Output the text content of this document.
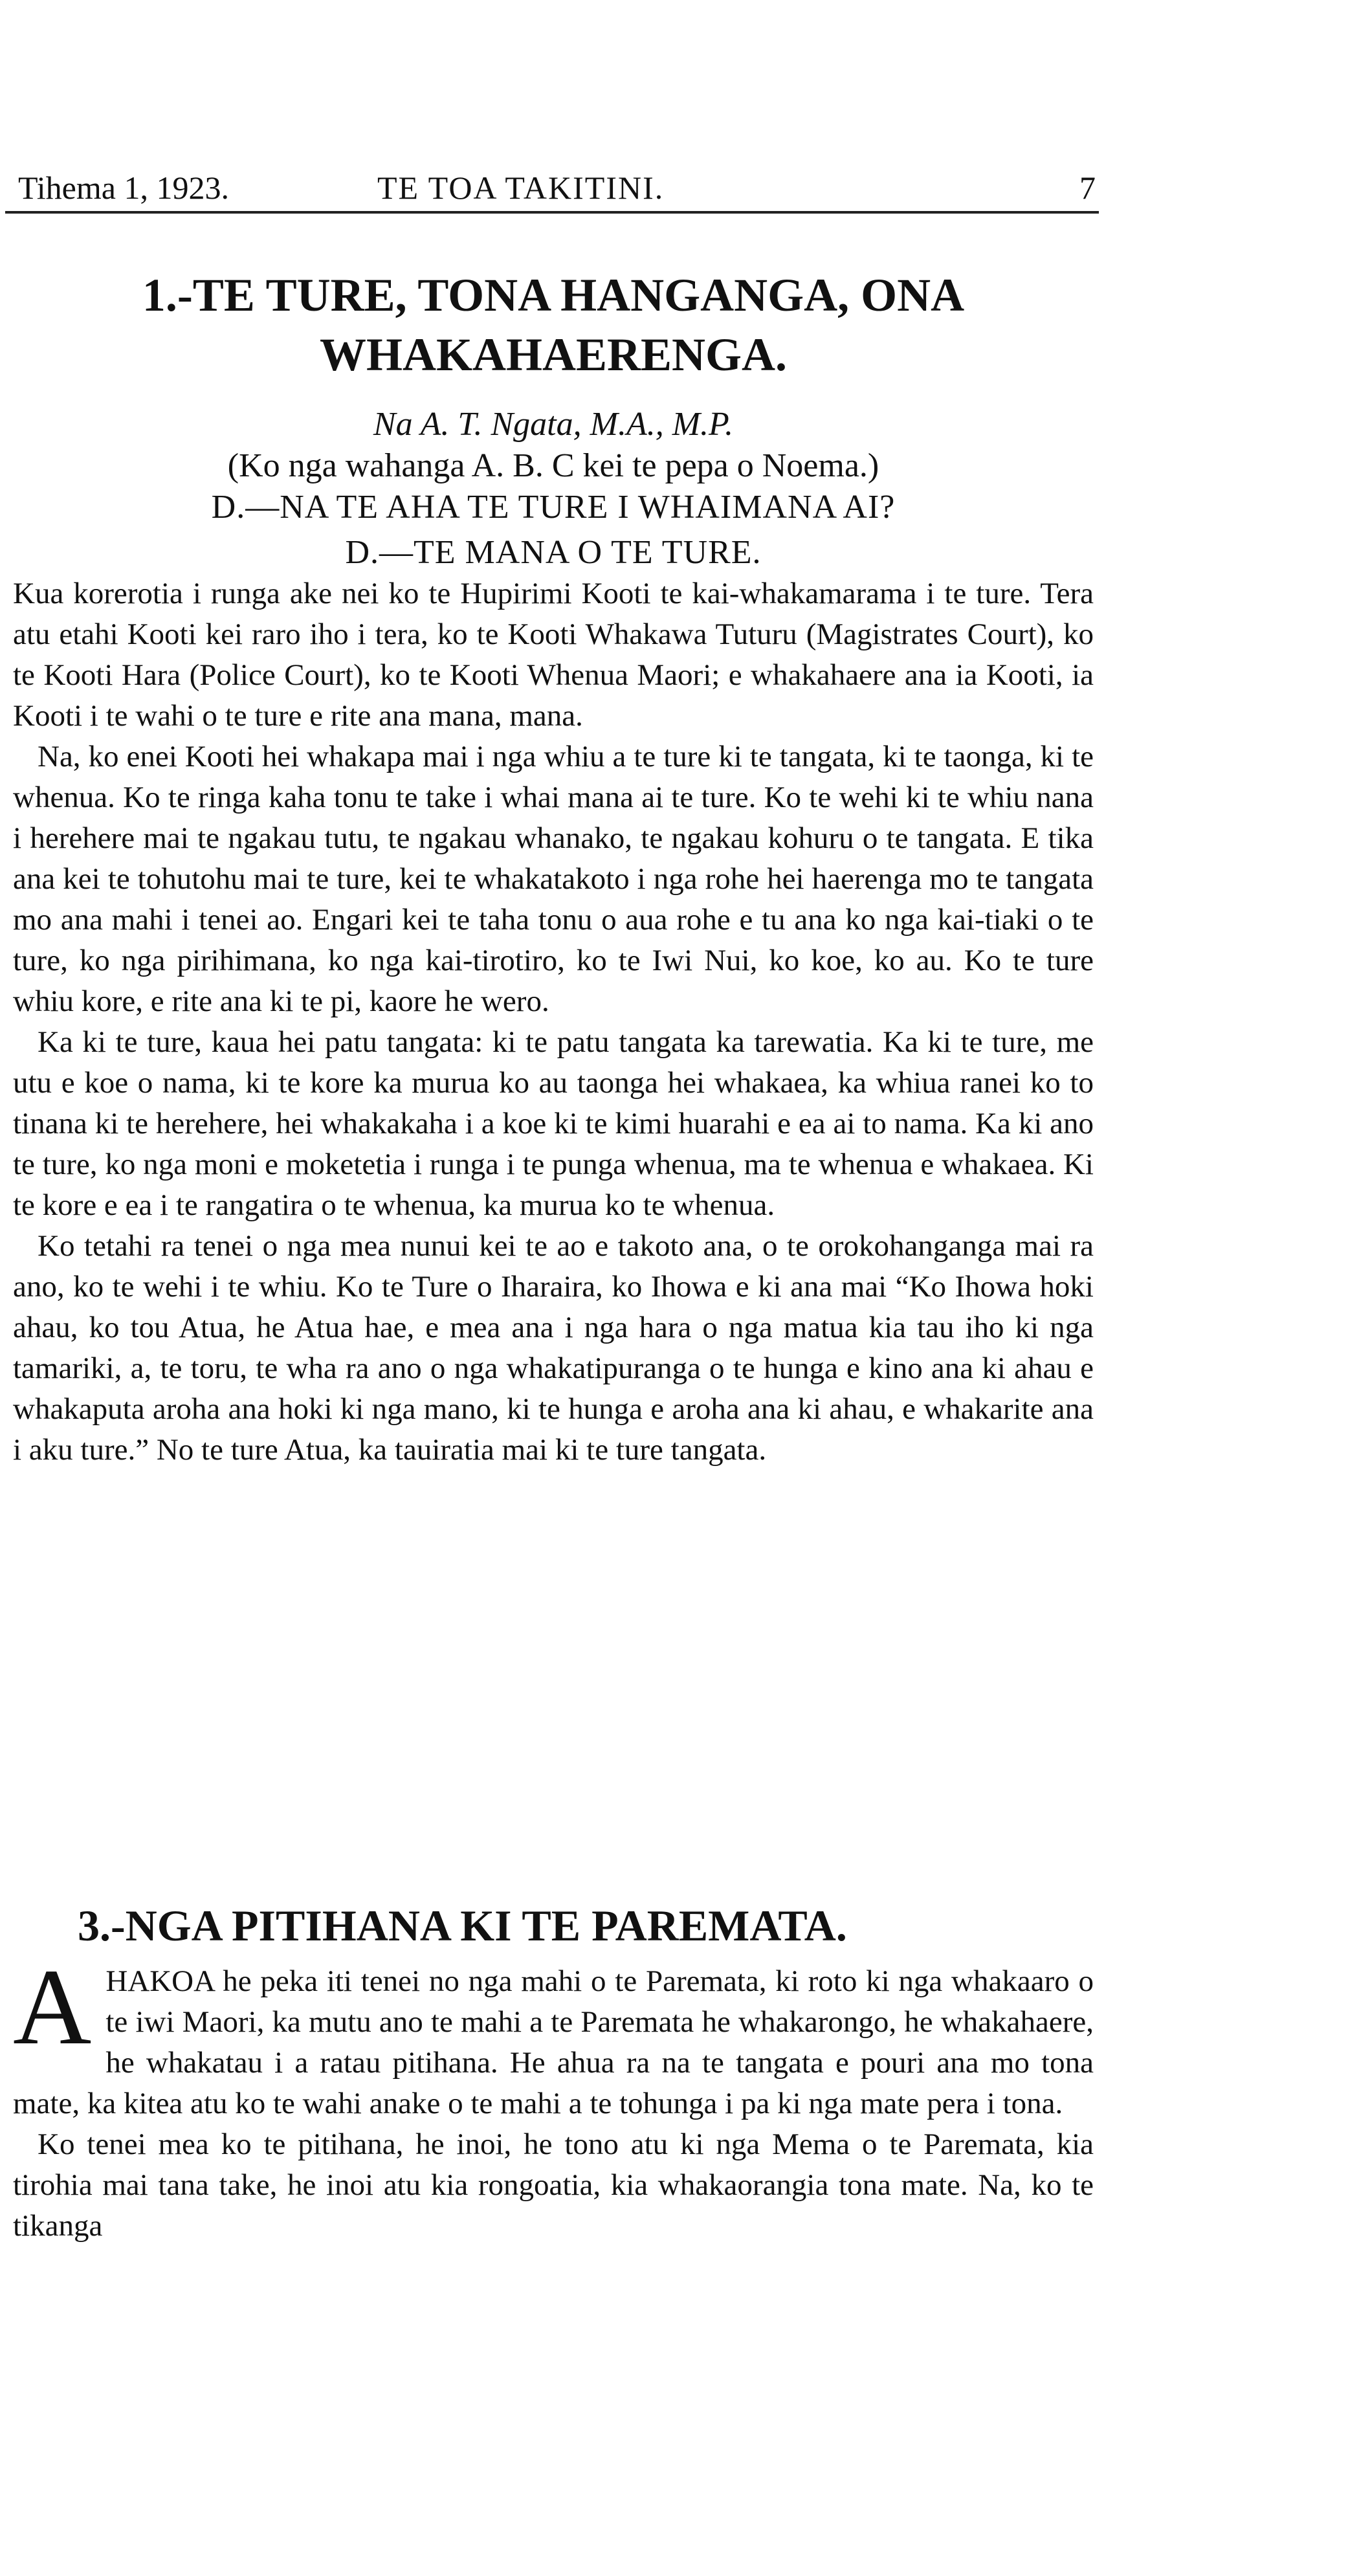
Tihema 1, 1923.	TE TOA TAKITINI.	7
1.-TE TURE, TONA HANGANGA, ONA WHAKAHAERENGA.

Na A. T. Ngata, M.A., M.P.

(Ko nga wahanga A. B. C kei te pepa o Noema.)

D.—NA TE AHA TE TURE I WHAIMANA AI?

D.—TE MANA O TE TURE.

Kua korerotia i runga ake nei ko te Hupirimi Kooti te kai-whakamarama i te ture. Tera atu etahi Kooti kei raro iho i tera, ko te Kooti Whakawa Tuturu (Magistrates Court), ko te Kooti Hara (Police Court), ko te Kooti Whenua Maori; e whakahaere ana ia Kooti, ia Kooti i te wahi o te ture e rite ana mana, mana.

Na, ko enei Kooti hei whakapa mai i nga whiu a te ture ki te tangata, ki te taonga, ki te whenua. Ko te ringa kaha tonu te take i whai mana ai te ture. Ko te wehi ki te whiu nana i herehere mai te ngakau tutu, te ngakau whanako, te ngakau kohuru o te tangata. E tika ana kei te tohutohu mai te ture, kei te whakatakoto i nga rohe hei haerenga mo te tangata mo ana mahi i tenei ao. Engari kei te taha tonu o aua rohe e tu ana ko nga kai-tiaki o te ture, ko nga pirihimana, ko nga kai-tirotiro, ko te Iwi Nui, ko koe, ko au. Ko te ture whiu kore, e rite ana ki te pi, kaore he wero.

Ka ki te ture, kaua hei patu tangata: ki te patu tangata ka tarewatia. Ka ki te ture, me utu e koe o nama, ki te kore ka murua ko au taonga hei whakaea, ka whiua ranei ko to tinana ki te herehere, hei whakakaha i a koe ki te kimi huarahi e ea ai to nama. Ka ki ano te ture, ko nga moni e moketetia i runga i te punga whenua, ma te whenua e whakaea. Ki te kore e ea i te rangatira o te whenua, ka murua ko te whenua.

Ko tetahi ra tenei o nga mea nunui kei te ao e takoto ana, o te orokohanganga mai ra ano, ko te wehi i te whiu. Ko te Ture o Iharaira, ko Ihowa e ki ana mai “Ko Ihowa hoki ahau, ko tou Atua, he Atua hae, e mea ana i nga hara o nga matua kia tau iho ki nga tamariki, a, te toru, te wha ra ano o nga whakatipuranga o te hunga e kino ana ki ahau e whakaputa aroha ana hoki ki nga mano, ki te hunga e aroha ana ki ahau, e whakarite ana i aku ture.” No te ture Atua, ka tauiratia mai ki te ture tangata.

3.-NGA PITIHANA KI TE PAREMATA.

AHAKOA he peka iti tenei no nga mahi o te Paremata, ki roto ki nga whakaaro o te iwi Maori, ka mutu ano te mahi a te Paremata he whakarongo, he whakahaere, he whakatau i a ratau pitihana. He ahua ra na te tangata e pouri ana mo tona mate, ka kitea atu ko te wahi anake o te mahi a te tohunga i pa ki nga mate pera i tona.

Ko tenei mea ko te pitihana, he inoi, he tono atu ki nga Mema o te Paremata, kia tirohia mai tana take, he inoi atu kia rongoatia, kia whakaorangia tona mate. Na, ko te tikanga
